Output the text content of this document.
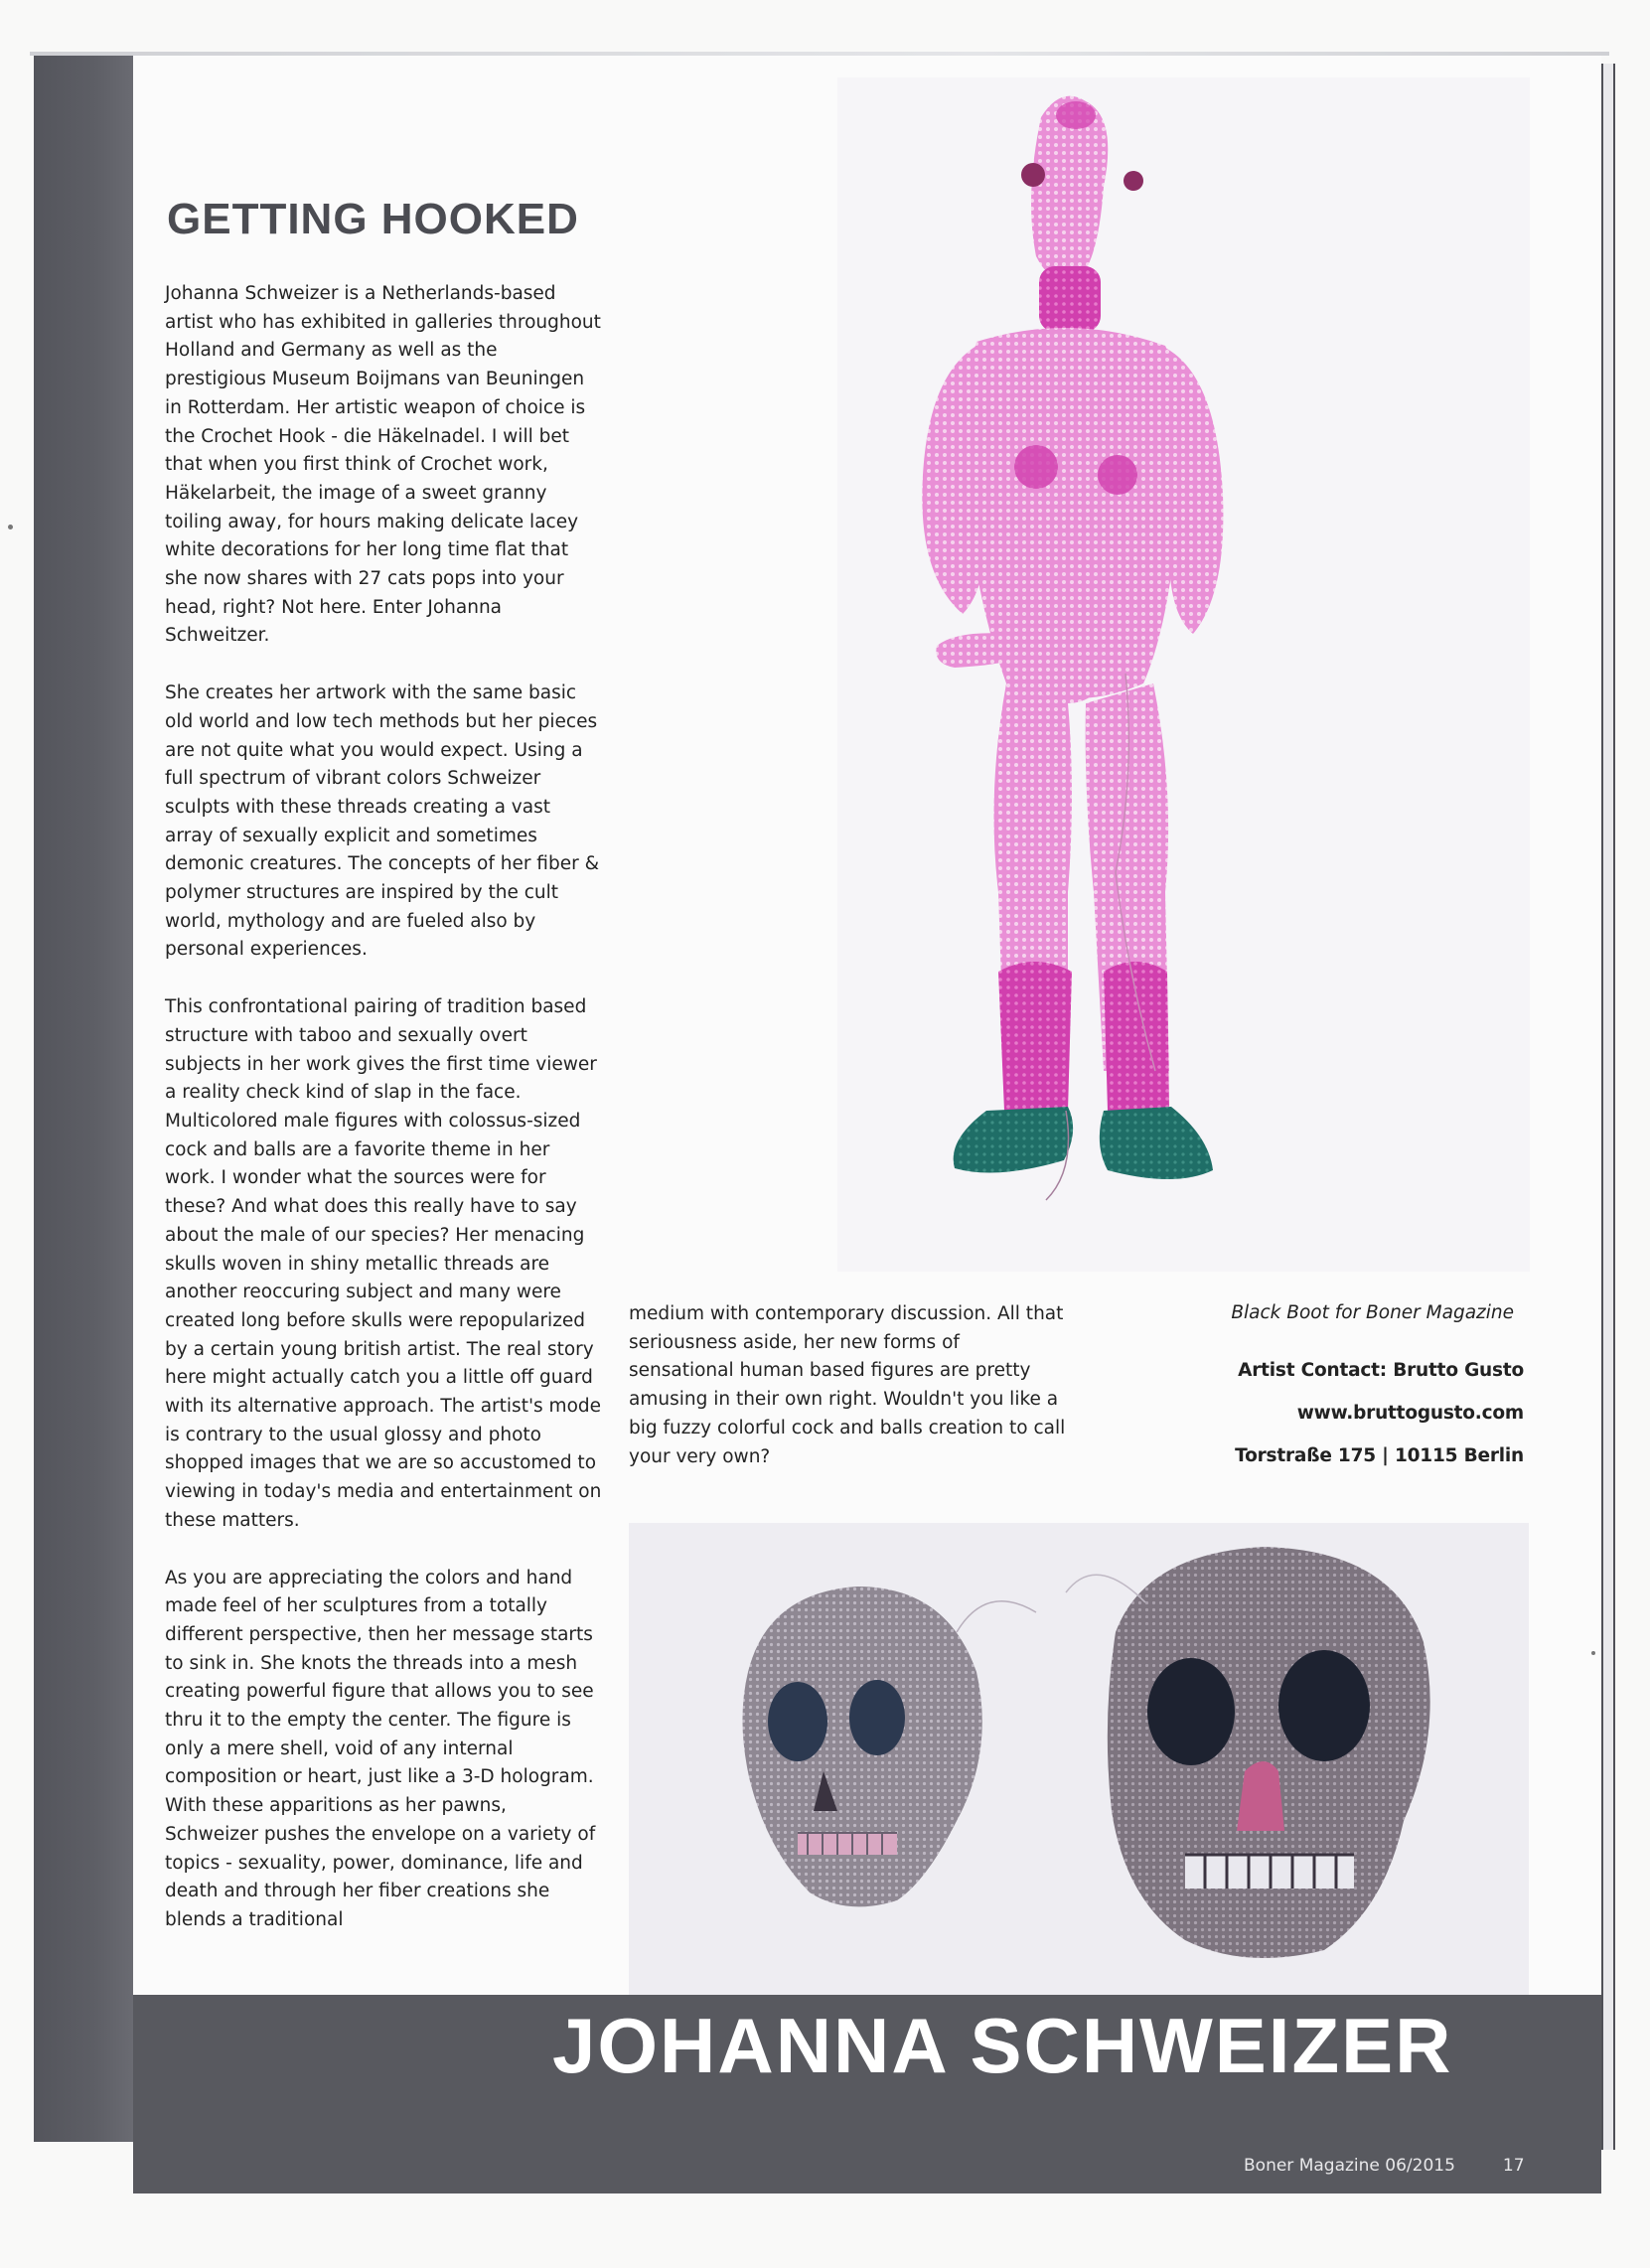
GETTING HOOKED

Johanna Schweizer is a Netherlands-based artist who has exhibited in galleries throughout Holland and Germany as well as the prestigious Museum Boijmans van Beuningen in Rotterdam. Her artistic weapon of choice is the Crochet Hook - die Häkelnadel. I will bet that when you first think of Crochet work, Häkelarbeit, the image of a sweet granny toiling away, for hours making delicate lacey white decorations for her long time flat that she now shares with 27 cats pops into your head, right? Not here. Enter Johanna Schweitzer.

She creates her artwork with the same basic old world and low tech methods but her pieces are not quite what you would expect. Using a full spectrum of vibrant colors Schweizer sculpts with these threads creating a vast array of sexually explicit and sometimes demonic creatures. The concepts of her fiber & polymer structures are inspired by the cult world, mythology and are fueled also by personal experiences.

This confrontational pairing of tradition based structure with taboo and sexually overt subjects in her work gives the first time viewer a reality check kind of slap in the face. Multicolored male figures with colossus-sized cock and balls are a favorite theme in her work. I wonder what the sources were for these? And what does this really have to say about the male of our species? Her menacing skulls woven in shiny metallic threads are another reoccuring subject and many were created long before skulls were repopularized by a certain young british artist. The real story here might actually catch you a little off guard with its alternative approach. The artist's mode is contrary to the usual glossy and photo shopped images that we are so accustomed to viewing in today's media and entertainment on these matters.

As you are appreciating the colors and hand made feel of her sculptures from a totally different perspective, then her message starts to sink in. She knots the threads into a mesh creating powerful figure that allows you to see thru it to the empty the center. The figure is only a mere shell, void of any internal composition or heart, just like a 3-D hologram. With these apparitions as her pawns, Schweizer pushes the envelope on a variety of topics - sexuality, power, dominance, life and death and through her fiber creations she blends a traditional

medium with contemporary discussion. All that seriousness aside, her new forms of sensational human based figures are pretty amusing in their own right. Wouldn't you like a big fuzzy colorful cock and balls creation to call your very own?

Black Boot for Boner Magazine
Artist Contact: Brutto Gusto
www.bruttogusto.com
Torstraße 175 | 10115 Berlin
JOHANNA SCHWEIZER
Boner Magazine 06/2015	17
